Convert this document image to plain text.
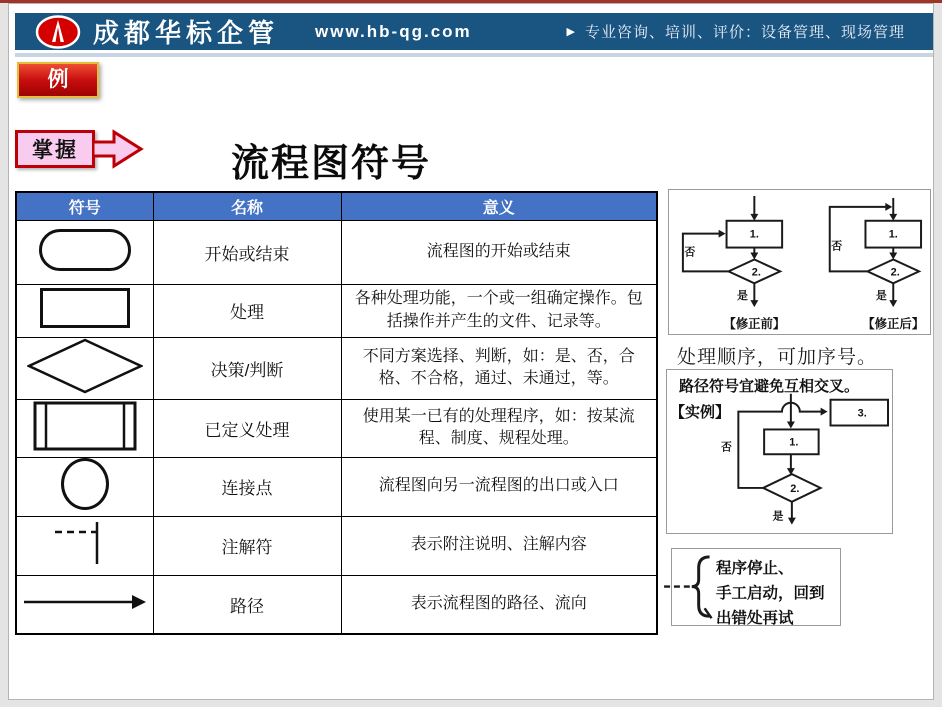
成都华标企管 www.hb-qg.com	▶ 专业咨询、培训、评价：设备管理、现场管理
例
掌握	流程图符号
符号	名称	意义
	开始或结束	流程图的开始或结束
	处理	各种处理功能，一个或一组确定操作。包括操作并产生的文件、记录等。
	决策/判断	不同方案选择、判断，如：是、否，合格、不合格，通过、未通过，等。
	已定义处理	使用某一已有的处理程序，如：按某流程、制度、规程处理。
	连接点	流程图向另一流程图的出口或入口
	注解符	表示附注说明、注解内容
	路径	表示流程图的路径、流向
1.
2.
是
否
【修正前】
1.
2.
是
否
【修正后】
处理顺序，可加序号。
路径符号宜避免互相交叉。
【实例】	3.
1.
2.
否
是
程序停止、
手工启动，回到
出错处再试
